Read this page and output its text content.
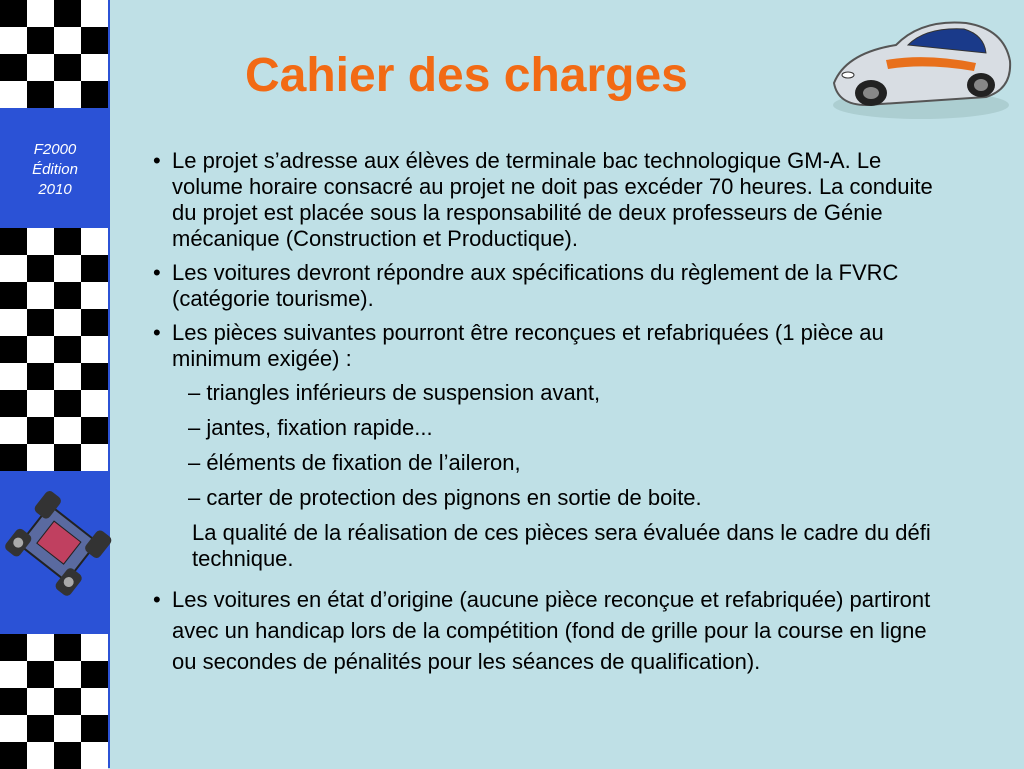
F2000
Édition
2010
Cahier des charges
• Le projet s’adresse aux élèves de terminale bac technologique GM-A. Le volume horaire consacré au projet ne doit pas excéder 70 heures. La conduite du projet est placée sous la responsabilité de deux professeurs de Génie mécanique (Construction et Productique).
• Les voitures devront répondre aux spécifications du règlement de la FVRC (catégorie tourisme).
• Les pièces suivantes pourront être reconçues et refabriquées (1 pièce au minimum exigée) :
– triangles inférieurs de suspension avant,
– jantes, fixation rapide...
– éléments de fixation de l’aileron,
– carter de protection des pignons en sortie de boite.
La qualité de la réalisation de ces pièces sera évaluée dans le cadre du défi technique.
• Les voitures en état d’origine (aucune pièce reconçue et refabriquée) partiront avec un handicap lors de la compétition (fond de grille pour la course en ligne ou secondes de pénalités pour les séances de qualification).
